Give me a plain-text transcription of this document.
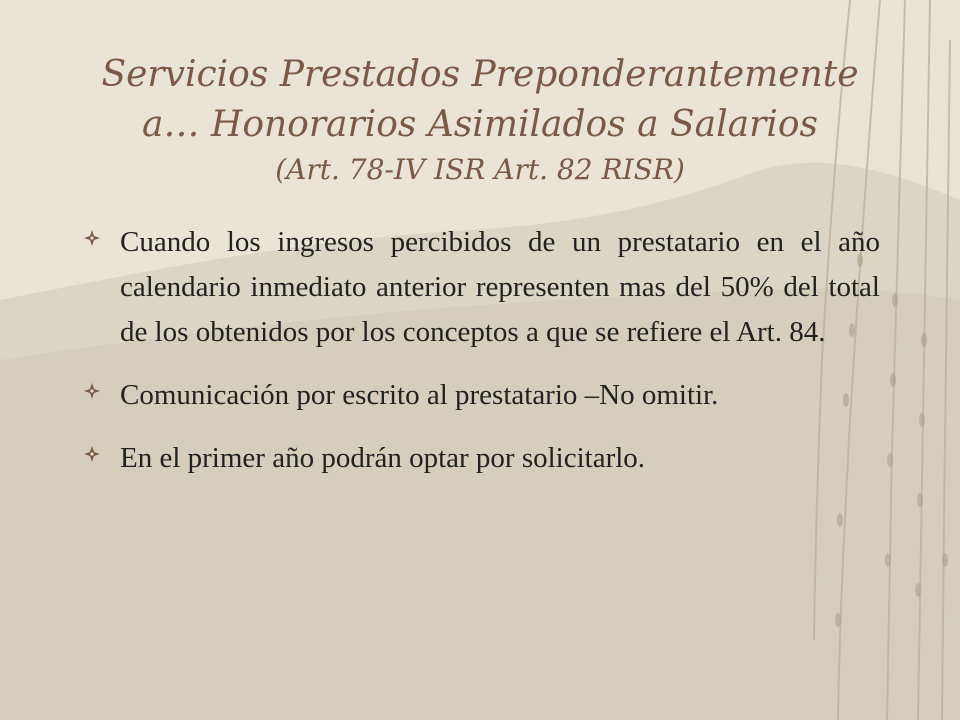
Servicios Prestados Preponderantemente
a… Honorarios Asimilados a Salarios
(Art. 78-IV ISR Art. 82 RISR)
Cuando los ingresos percibidos de un prestatario en el año calendario inmediato anterior representen mas del 50% del total de los obtenidos por los conceptos a que se refiere el Art. 84.
Comunicación por escrito al prestatario –No omitir.
En el primer año podrán optar por solicitarlo.
